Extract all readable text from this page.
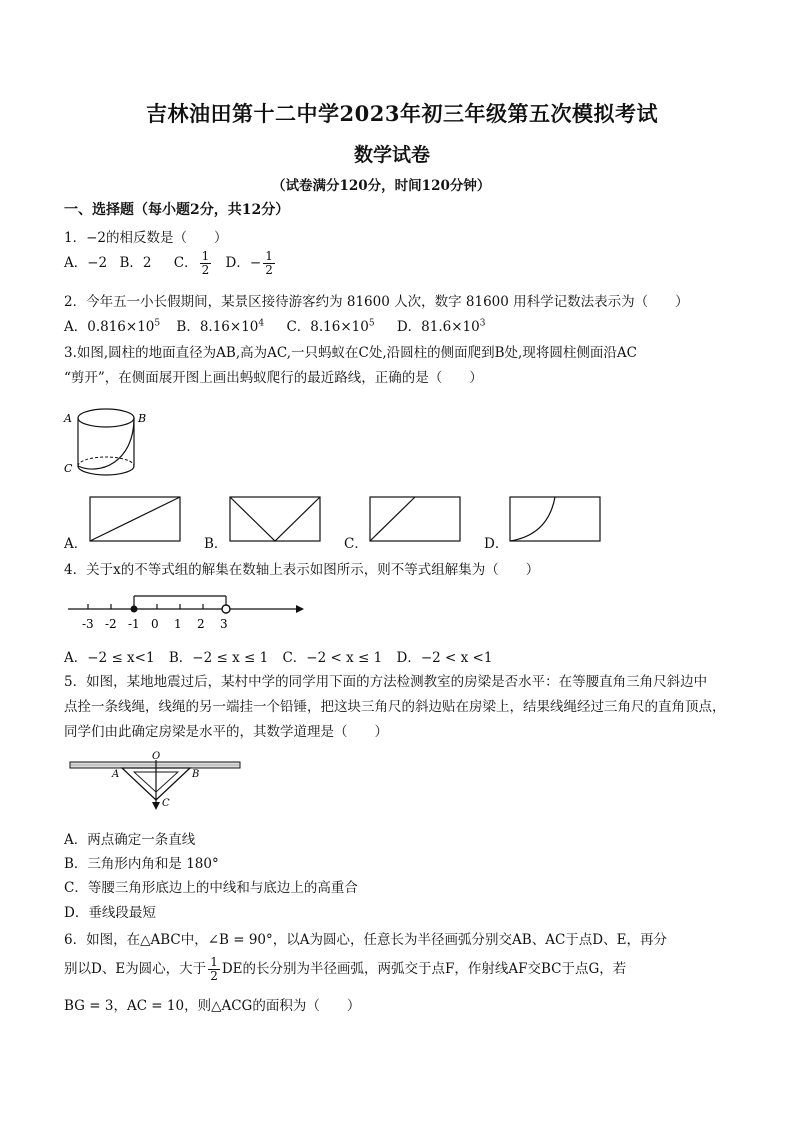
吉林油田第十二中学2023年初三年级第五次模拟考试
数学试卷
（试卷满分120分，时间120分钟）
一、选择题（每小题2分，共12分）
1．−2的相反数是（　　）
A．−2 B．2 C． $\frac{1}{2}$ D．− $\frac{1}{2}$
2．今年五一小长假期间，某景区接待游客约为 81600 人次，数字 81600 用科学记数法表示为（　　）
A．$0.816\times 10^5$ B．$8.16\times 10^4$ C．$8.16\times 10^5$ D．$81.6\times 10^3$
3.如图,圆柱的地面直径为AB,高为AC,一只蚂蚁在C处,沿圆柱的侧面爬到B处,现将圆柱侧面沿AC
“剪开”，在侧面展开图上画出蚂蚁爬行的最近路线，正确的是（　　）
A	B
C
A．	B．	C．	D．
4．关于x的不等式组的解集在数轴上表示如图所示，则不等式组解集为（　　）
-3 -2 -1 0 1 2 3
A．−2 ≤ x<1 B．−2 ≤ x ≤ 1 C．−2 < x ≤ 1 D．−2 < x <1
5．如图，某地地震过后，某村中学的同学用下面的方法检测教室的房梁是否水平：在等腰直角三角尺斜边中
点拴一条线绳，线绳的另一端挂一个铅锤，把这块三角尺的斜边贴在房梁上，结果线绳经过三角尺的直角顶点，
同学们由此确定房梁是水平的，其数学道理是（　　）
O
A	B
C
A．两点确定一条直线
B．三角形内角和是 180°
C．等腰三角形底边上的中线和与底边上的高重合
D．垂线段最短
6．如图，在△ABC中，∠B = 90°，以A为圆心，任意长为半径画弧分别交AB、AC于点D、E，再分
别以D、E为圆心，大于 $\frac{1}{2}$ DE的长分别为半径画弧，两弧交于点F，作射线AF交BC于点G，若
BG = 3，AC = 10，则△ACG的面积为（　　）
